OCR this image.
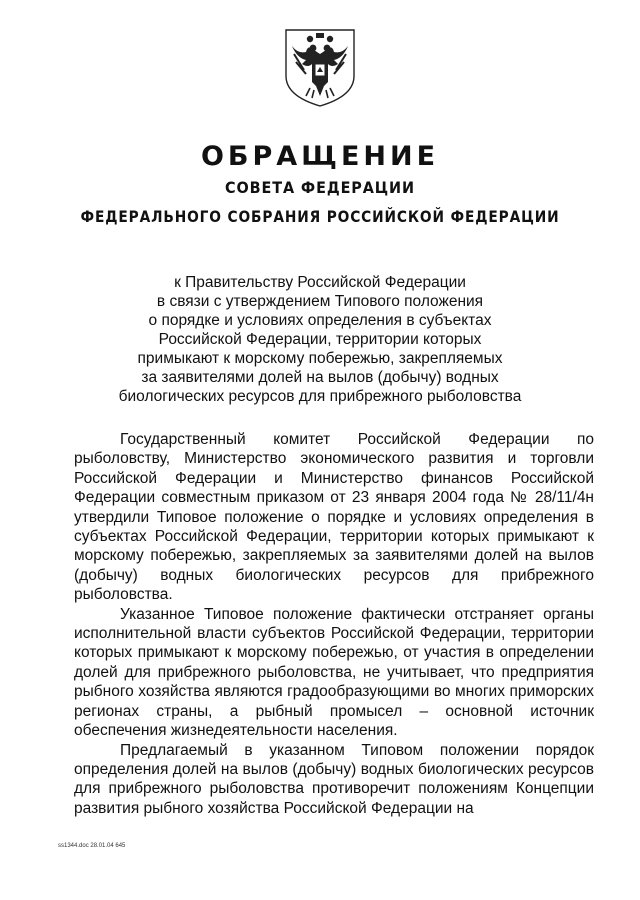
ОБРАЩЕНИЕ
СОВЕТА ФЕДЕРАЦИИ
ФЕДЕРАЛЬНОГО СОБРАНИЯ РОССИЙСКОЙ ФЕДЕРАЦИИ
к Правительству Российской Федерации
в связи с утверждением Типового положения
о порядке и условиях определения в субъектах
Российской Федерации, территории которых
примыкают к морскому побережью, закрепляемых
за заявителями долей на вылов (добычу) водных
биологических ресурсов для прибрежного рыболовства

Государственный комитет Российской Федерации по рыболовству, Министерство экономического развития и торговли Российской Федерации и Министерство финансов Российской Федерации совместным приказом от 23 января 2004 года № 28/11/4н утвердили Типовое положение о порядке и условиях определения в субъектах Российской Федерации, территории которых примыкают к морскому побережью, закрепляемых за заявителями долей на вылов (добычу) водных биологических ресурсов для прибрежного рыболовства.

Указанное Типовое положение фактически отстраняет органы исполнительной власти субъектов Российской Федерации, территории которых примыкают к морскому побережью, от участия в определении долей для прибрежного рыболовства, не учитывает, что предприятия рыбного хозяйства являются градообразующими во многих приморских регионах страны, а рыбный промысел – основной источник обеспечения жизнедеятельности населения.

Предлагаемый в указанном Типовом положении порядок определения долей на вылов (добычу) водных биологических ресурсов для прибрежного рыболовства противоречит положениям Концепции развития рыбного хозяйства Российской Федерации на

ss1344.doc 28.01.04 645
